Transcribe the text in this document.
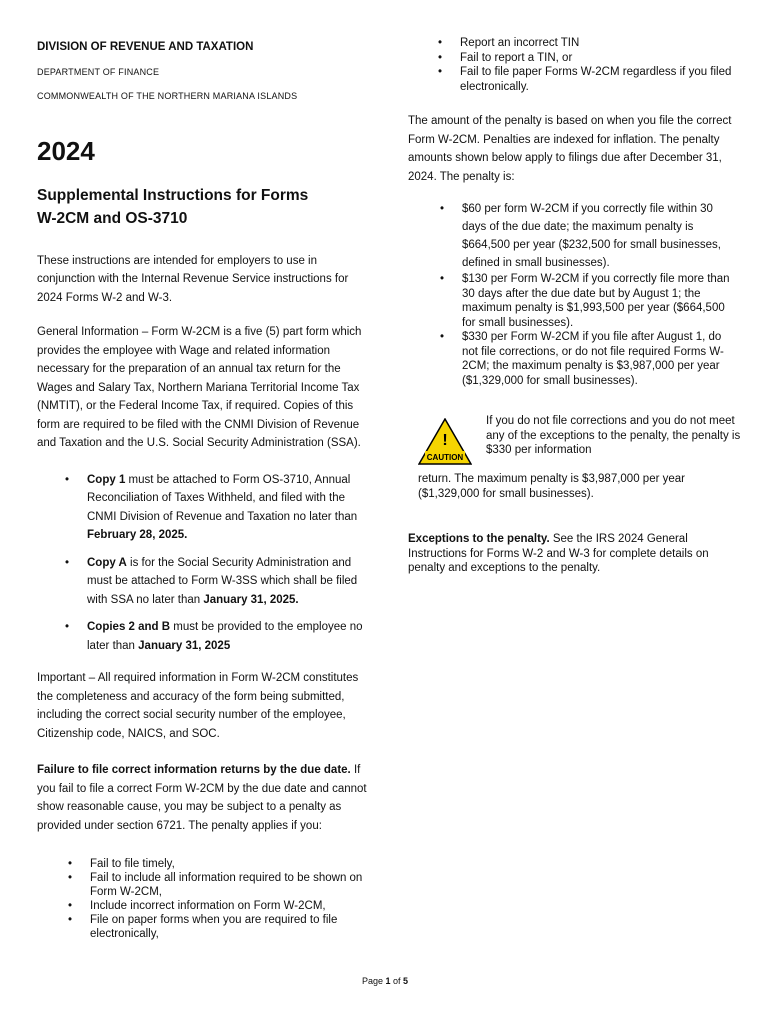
DIVISION OF REVENUE AND TAXATION

DEPARTMENT OF FINANCE

COMMONWEALTH OF THE NORTHERN MARIANA ISLANDS

2024
Supplemental Instructions for Forms
W-2CM and OS-3710

These instructions are intended for employers to use in conjunction with the Internal Revenue Service instructions for 2024 Forms W-2 and W-3.

General Information – Form W-2CM is a five (5) part form which provides the employee with Wage and related information necessary for the preparation of an annual tax return for the Wages and Salary Tax, Northern Mariana Territorial Income Tax (NMTIT), or the Federal Income Tax, if required. Copies of this form are required to be filed with the CNMI Division of Revenue and Taxation and the U.S. Social Security Administration (SSA).

• Copy 1 must be attached to Form OS-3710, Annual Reconciliation of Taxes Withheld, and filed with the CNMI Division of Revenue and Taxation no later than February 28, 2025.
• Copy A is for the Social Security Administration and must be attached to Form W-3SS which shall be filed with SSA no later than January 31, 2025.
• Copies 2 and B must be provided to the employee no later than January 31, 2025

Important – All required information in Form W-2CM constitutes the completeness and accuracy of the form being submitted, including the correct social security number of the employee, Citizenship code, NAICS, and SOC.

Failure to file correct information returns by the due date. If you fail to file a correct Form W-2CM by the due date and cannot show reasonable cause, you may be subject to a penalty as provided under section 6721. The penalty applies if you:

• Fail to file timely,
• Fail to include all information required to be shown on Form W-2CM,
• Include incorrect information on Form W-2CM,
• File on paper forms when you are required to file electronically,
• Report an incorrect TIN
• Fail to report a TIN, or
• Fail to file paper Forms W-2CM regardless if you filed electronically.

The amount of the penalty is based on when you file the correct Form W-2CM. Penalties are indexed for inflation. The penalty amounts shown below apply to filings due after December 31, 2024. The penalty is:

• $60 per form W-2CM if you correctly file within 30 days of the due date; the maximum penalty is $664,500 per year ($232,500 for small businesses, defined in small businesses).
• $130 per Form W-2CM if you correctly file more than 30 days after the due date but by August 1; the maximum penalty is $1,993,500 per year ($664,500 for small businesses).
• $330 per Form W-2CM if you file after August 1, do not file corrections, or do not file required Forms W-2CM; the maximum penalty is $3,987,000 per year ($1,329,000 for small businesses).
!
CAUTION
If you do not file corrections and you do not meet any of the exceptions to the penalty, the penalty is $330 per information
return. The maximum penalty is $3,987,000 per year ($1,329,000 for small businesses).

Exceptions to the penalty. See the IRS 2024 General Instructions for Forms W-2 and W-3 for complete details on penalty and exceptions to the penalty.

Page 1 of 5
